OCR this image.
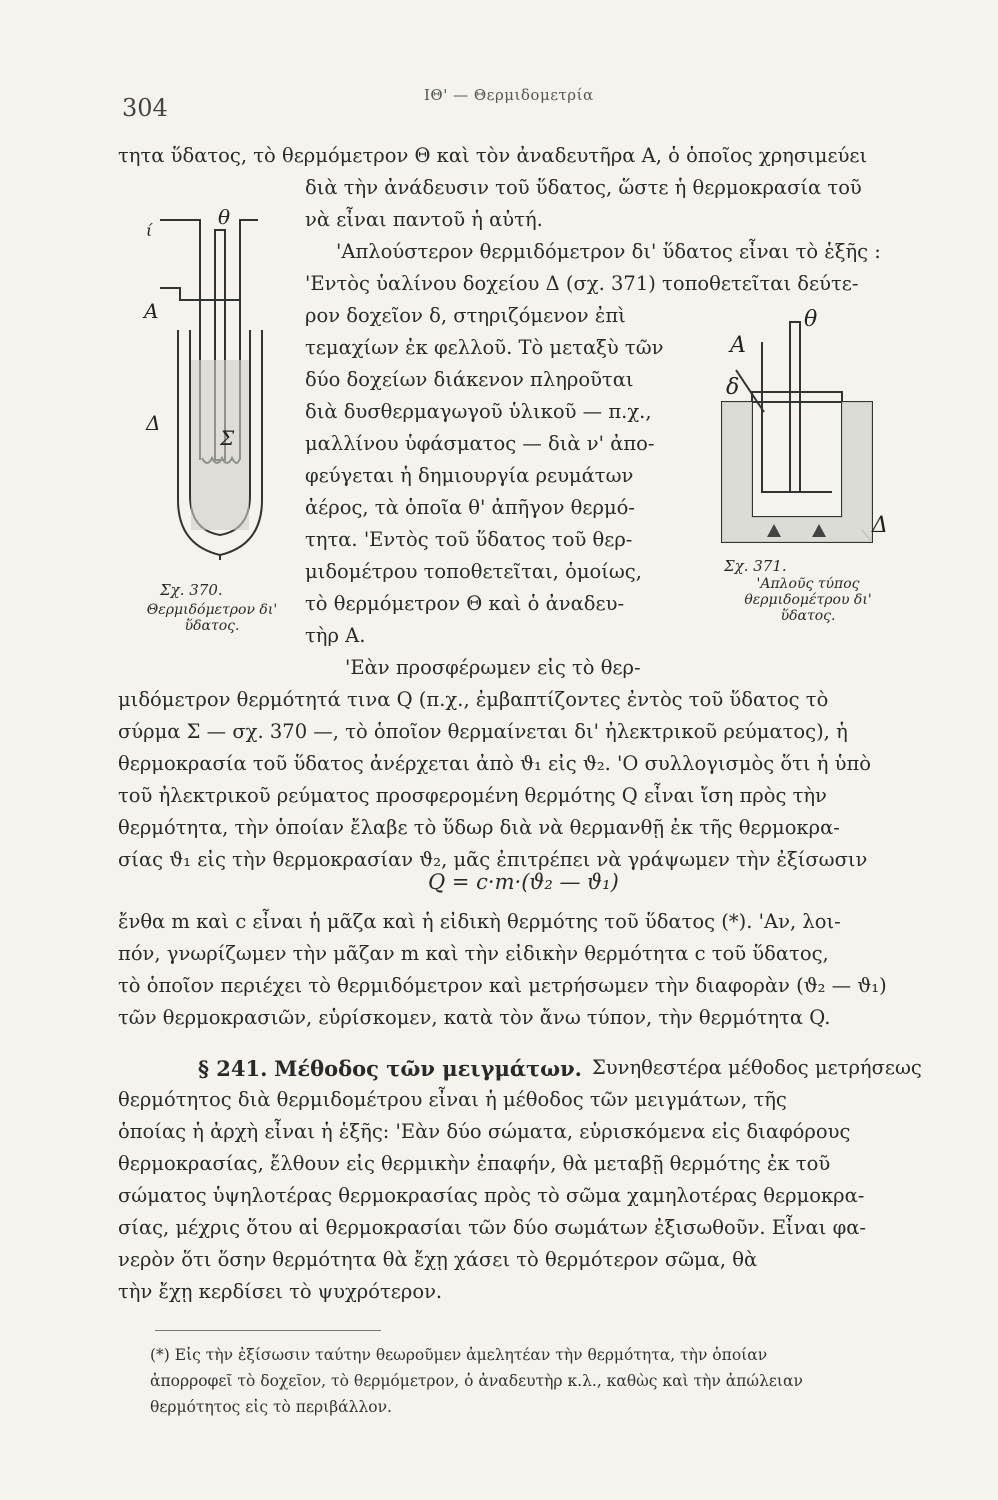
304	ΙΘ' — Θερμιδομετρία
τητα ὕδατος, τὸ θερμόμετρον Θ καὶ τὸν ἀναδευτῆρα Α, ὁ ὁποῖος χρησιμεύει
διὰ τὴν ἀνάδευσιν τοῦ ὕδατος, ὥστε ἡ θερμοκρασία τοῦ
νὰ εἶναι παντοῦ ἡ αὐτή.
'Απλούστερον θερμιδόμετρον δι' ὕδατος εἶναι τὸ ἑξῆς :
'Εντὸς ὑαλίνου δοχείου Δ (σχ. 371) τοποθετεῖται δεύτε-
ρον δοχεῖον δ, στηριζόμενον ἐπὶ
τεμαχίων ἐκ φελλοῦ. Τὸ μεταξὺ τῶν
δύο δοχείων διάκενον πληροῦται
διὰ δυσθερμαγωγοῦ ὑλικοῦ — π.χ.,
μαλλίνου ὑφάσματος — διὰ ν' ἀπο-
φεύγεται ἡ δημιουργία ρευμάτων
ἀέρος, τὰ ὁποῖα θ' ἀπῆγον θερμό-
τητα. 'Εντὸς τοῦ ὕδατος τοῦ θερ-
μιδομέτρου τοποθετεῖται, ὁμοίως,
τὸ θερμόμετρον Θ καὶ ὁ ἀναδευ-
τὴρ Α.
'Εὰν προσφέρωμεν εἰς τὸ θερ-
μιδόμετρον θερμότητά τινα Q (π.χ., ἐμβαπτίζοντες ἐντὸς τοῦ ὕδατος τὸ
σύρμα Σ — σχ. 370 —, τὸ ὁποῖον θερμαίνεται δι' ἠλεκτρικοῦ ρεύματος), ἡ
θερμοκρασία τοῦ ὕδατος ἀνέρχεται ἀπὸ ϑ₁ εἰς ϑ₂. 'Ο συλλογισμὸς ὅτι ἡ ὑπὸ
τοῦ ἠλεκτρικοῦ ρεύματος προσφερομένη θερμότης Q εἶναι ἴση πρὸς τὴν
θερμότητα, τὴν ὁποίαν ἔλαβε τὸ ὕδωρ διὰ νὰ θερμανθῇ ἐκ τῆς θερμοκρα-
σίας ϑ₁ εἰς τὴν θερμοκρασίαν ϑ₂, μᾶς ἐπιτρέπει νὰ γράψωμεν τὴν ἐξίσωσιν
Q = c·m·(ϑ₂ — ϑ₁)
ἔνθα m καὶ c εἶναι ἡ μᾶζα καὶ ἡ εἰδικὴ θερμότης τοῦ ὕδατος (*). 'Αν, λοι-
πόν, γνωρίζωμεν τὴν μᾶζαν m καὶ τὴν εἰδικὴν θερμότητα c τοῦ ὕδατος,
τὸ ὁποῖον περιέχει τὸ θερμιδόμετρον καὶ μετρήσωμεν τὴν διαφορὰν (ϑ₂ — ϑ₁)
τῶν θερμοκρασιῶν, εὑρίσκομεν, κατὰ τὸν ἄνω τύπον, τὴν θερμότητα Q.
§ 241. Μέθοδος τῶν μειγμάτων. Συνηθεστέρα μέθοδος μετρήσεως
θερμότητος διὰ θερμιδομέτρου εἶναι ἡ μέθοδος τῶν μειγμάτων, τῆς
ὁποίας ἡ ἀρχὴ εἶναι ἡ ἑξῆς: 'Εὰν δύο σώματα, εὑρισκόμενα εἰς διαφόρους
θερμοκρασίας, ἔλθουν εἰς θερμικὴν ἐπαφήν, θὰ μεταβῇ θερμότης ἐκ τοῦ
σώματος ὑψηλοτέρας θερμοκρασίας πρὸς τὸ σῶμα χαμηλοτέρας θερμοκρα-
σίας, μέχρις ὅτου αἱ θερμοκρασίαι τῶν δύο σωμάτων ἐξισωθοῦν. Εἶναι φα-
νερὸν ὅτι ὅσην θερμότητα θὰ ἔχῃ χάσει τὸ θερμότερον σῶμα, θὰ
τὴν ἔχῃ κερδίσει τὸ ψυχρότερον.
(*) Εἰς τὴν ἐξίσωσιν ταύτην θεωροῦμεν ἀμελητέαν τὴν θερμότητα, τὴν ὁποίαν
ἀπορροφεῖ τὸ δοχεῖον, τὸ θερμόμετρον, ὁ ἀναδευτὴρ κ.λ., καθὼς καὶ τὴν ἀπώλειαν
θερμότητος εἰς τὸ περιβάλλον.
θ
ί
Α
Δ
Σ
Σχ. 370.
Θερμιδόμετρον δι' ὕδατος.
θ
Α
δ
Δ
Σχ. 371.
'Απλοῦς τύπος θερμιδομέτρου δι' ὕδατος.
